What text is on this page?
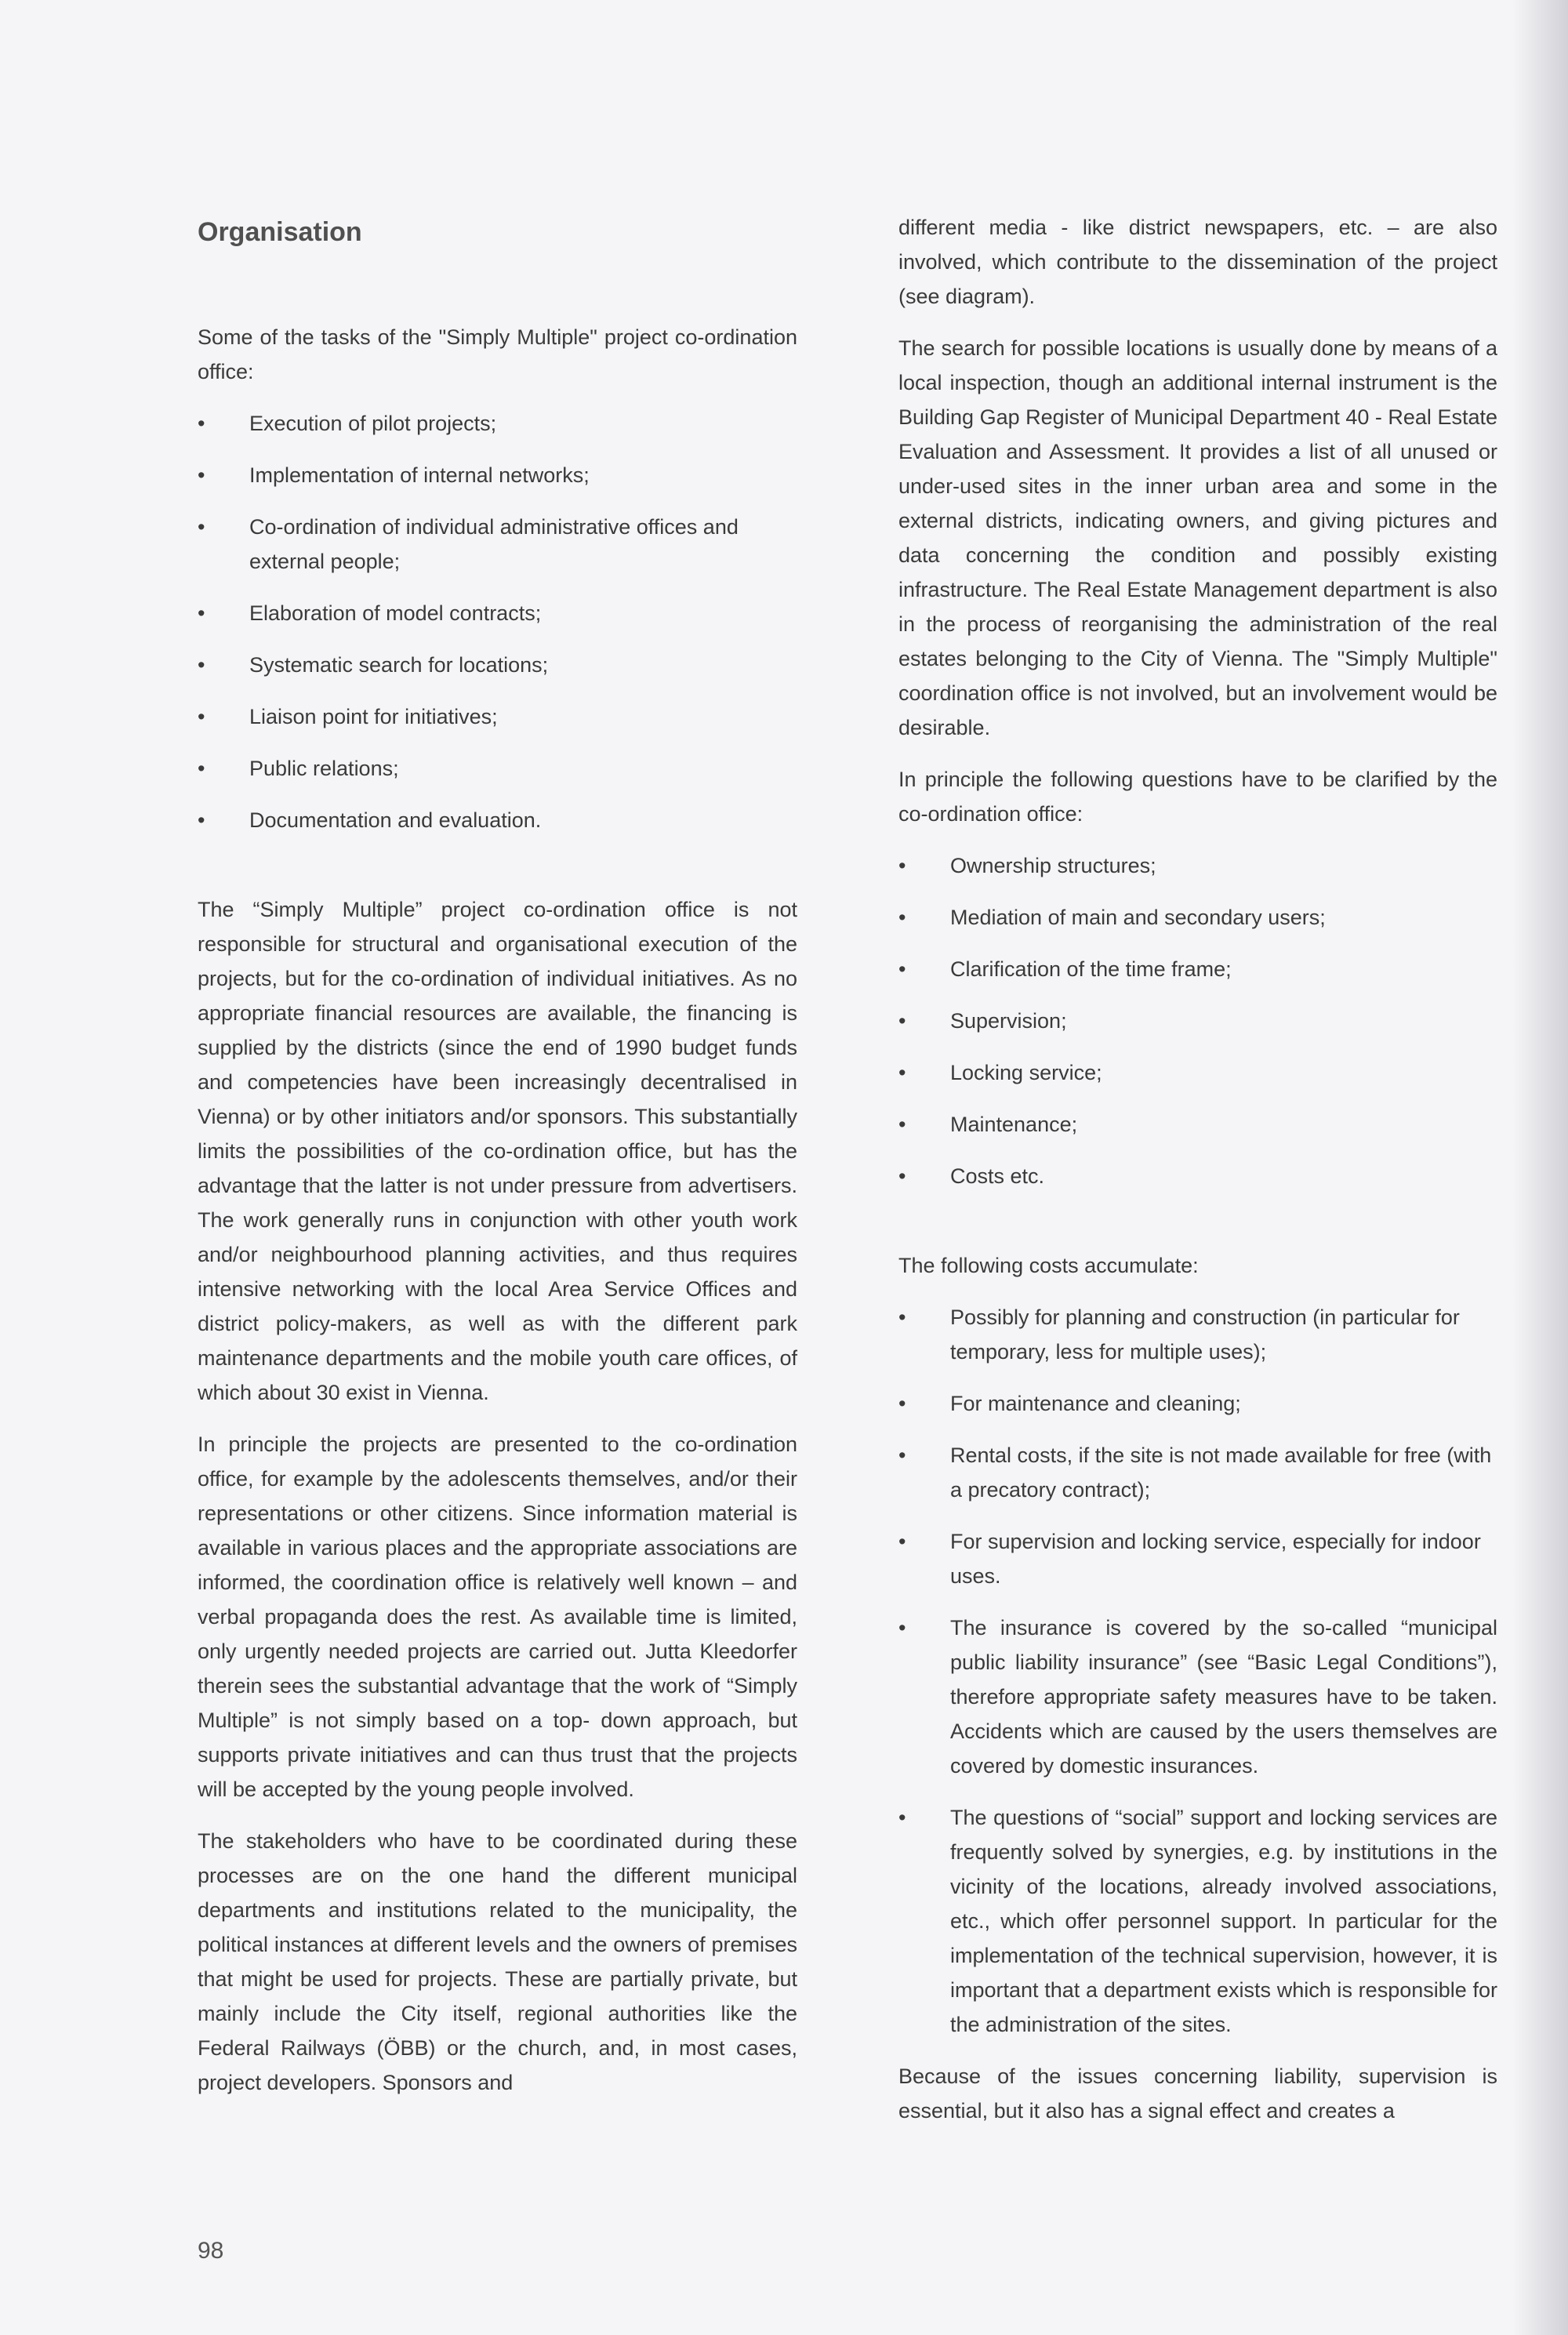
Organisation

Some of the tasks of the "Simply Multiple" project co-ordination office:

•	Execution of pilot projects;
•	Implementation of internal networks;
•	Co-ordination of individual administrative offices and external people;
•	Elaboration of model contracts;
•	Systematic search for locations;
•	Liaison point for initiatives;
•	Public relations;
•	Documentation and evaluation.

The “Simply Multiple” project co-ordination office is not responsible for structural and organisational execution of the projects, but for the co-ordination of individual initiatives. As no appropriate financial resources are available, the financing is supplied by the districts (since the end of 1990 budget funds and competencies have been increasingly decentralised in Vienna) or by other initiators and/or sponsors. This substantially limits the possibilities of the co-ordination office, but has the advantage that the latter is not under pressure from advertisers. The work generally runs in conjunction with other youth work and/or neighbourhood planning activities, and thus requires intensive networking with the local Area Service Offices and district policy-makers, as well as with the different park maintenance departments and the mobile youth care offices, of which about 30 exist in Vienna.

In principle the projects are presented to the co-ordination office, for example by the adolescents themselves, and/or their representations or other citizens. Since information material is available in various places and the appropriate associations are informed, the coordination office is relatively well known – and verbal propaganda does the rest. As available time is limited, only urgently needed projects are carried out. Jutta Kleedorfer therein sees the substantial advantage that the work of “Simply Multiple” is not simply based on a top- down approach, but supports private initiatives and can thus trust that the projects will be accepted by the young people involved.

The stakeholders who have to be coordinated during these processes are on the one hand the different municipal departments and institutions related to the municipality, the political instances at different levels and the owners of premises that might be used for projects. These are partially private, but mainly include the City itself, regional authorities like the Federal Railways (ÖBB) or the church, and, in most cases, project developers. Sponsors and

different media - like district newspapers, etc. – are also involved, which contribute to the dissemination of the project (see diagram).

The search for possible locations is usually done by means of a local inspection, though an additional internal instrument is the Building Gap Register of Municipal Department 40 - Real Estate Evaluation and Assessment. It provides a list of all unused or under-used sites in the inner urban area and some in the external districts, indicating owners, and giving pictures and data concerning the condition and possibly existing infrastructure. The Real Estate Management department is also in the process of reorganising the administration of the real estates belonging to the City of Vienna. The "Simply Multiple" coordination office is not involved, but an involvement would be desirable.

In principle the following questions have to be clarified by the co-ordination office:

•	Ownership structures;
•	Mediation of main and secondary users;
•	Clarification of the time frame;
•	Supervision;
•	Locking service;
•	Maintenance;
•	Costs etc.

The following costs accumulate:

•	Possibly for planning and construction (in particular for temporary, less for multiple uses);
•	For maintenance and cleaning;
•	Rental costs, if the site is not made available for free (with a precatory contract);
•	For supervision and locking service, especially for indoor uses.
•	The insurance is covered by the so-called “municipal public liability insurance” (see “Basic Legal Conditions”), therefore appropriate safety measures have to be taken. Accidents which are caused by the users themselves are covered by domestic insurances.
•	The questions of “social” support and locking services are frequently solved by synergies, e.g. by institutions in the vicinity of the locations, already involved associations, etc., which offer personnel support. In particular for the implementation of the technical supervision, however, it is important that a department exists which is responsible for the administration of the sites.

Because of the issues concerning liability, supervision is essential, but it also has a signal effect and creates a

98
